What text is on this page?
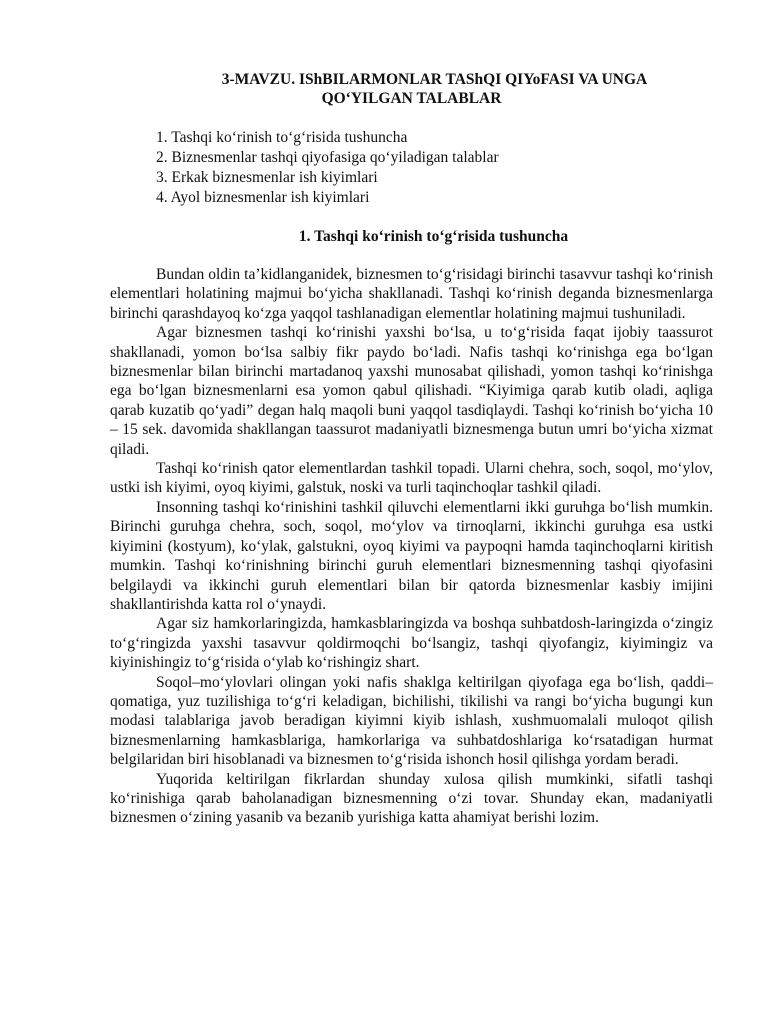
3-MAVZU. IShBILARMONLAR TAShQI QIYoFASI VA UNGA
QO‘YILGAN TALABLAR
1. Tashqi ko‘rinish to‘g‘risida tushuncha
2. Biznesmenlar tashqi qiyofasiga qo‘yiladigan talablar
3. Erkak biznesmenlar ish kiyimlari
4. Ayol biznesmenlar ish kiyimlari
1. Tashqi ko‘rinish to‘g‘risida tushuncha

Bundan oldin ta’kidlanganidek, biznesmen to‘g‘risidagi birinchi tasavvur tashqi ko‘rinish elementlari holatining majmui bo‘yicha shakllanadi. Tashqi ko‘rinish deganda biznesmenlarga birinchi qarashdayoq ko‘zga yaqqol tashlanadigan elementlar holatining majmui tushuniladi.

Agar biznesmen tashqi ko‘rinishi yaxshi bo‘lsa, u to‘g‘risida faqat ijobiy taassurot shakllanadi, yomon bo‘lsa salbiy fikr paydo bo‘ladi. Nafis tashqi ko‘rinishga ega bo‘lgan biznesmenlar bilan birinchi martadanoq yaxshi munosabat qilishadi, yomon tashqi ko‘rinishga ega bo‘lgan biznesmenlarni esa yomon qabul qilishadi. “Kiyimiga qarab kutib oladi, aqliga qarab kuzatib qo‘yadi” degan halq maqoli buni yaqqol tasdiqlaydi. Tashqi ko‘rinish bo‘yicha 10 – 15 sek. davomida shakllangan taassurot madaniyatli biznesmenga butun umri bo‘yicha xizmat qiladi.

Tashqi ko‘rinish qator elementlardan tashkil topadi. Ularni chehra, soch, soqol, mo‘ylov, ustki ish kiyimi, oyoq kiyimi, galstuk, noski va turli taqinchoqlar tashkil qiladi.

Insonning tashqi ko‘rinishini tashkil qiluvchi elementlarni ikki guruhga bo‘lish mumkin. Birinchi guruhga chehra, soch, soqol, mo‘ylov va tirnoqlarni, ikkinchi guruhga esa ustki kiyimini (kostyum), ko‘ylak, galstukni, oyoq kiyimi va paypoqni hamda taqinchoqlarni kiritish mumkin. Tashqi ko‘rinishning birinchi guruh elementlari biznesmenning tashqi qiyofasini belgilaydi va ikkinchi guruh elementlari bilan bir qatorda biznesmenlar kasbiy imijini shakllantirishda katta rol o‘ynaydi.

Agar siz hamkorlaringizda, hamkasblaringizda va boshqa suhbatdosh-laringizda o‘zingiz to‘g‘ringizda yaxshi tasavvur qoldirmoqchi bo‘lsangiz, tashqi qiyofangiz, kiyimingiz va kiyinishingiz to‘g‘risida o‘ylab ko‘rishingiz shart.

Soqol–mo‘ylovlari olingan yoki nafis shaklga keltirilgan qiyofaga ega bo‘lish, qaddi–qomatiga, yuz tuzilishiga to‘g‘ri keladigan, bichilishi, tikilishi va rangi bo‘yicha bugungi kun modasi talablariga javob beradigan kiyimni kiyib ishlash, xushmuomalali muloqot qilish biznesmenlarning hamkasblariga, hamkorlariga va suhbatdoshlariga ko‘rsatadigan hurmat belgilaridan biri hisoblanadi va biznesmen to‘g‘risida ishonch hosil qilishga yordam beradi.

Yuqorida keltirilgan fikrlardan shunday xulosa qilish mumkinki, sifatli tashqi ko‘rinishiga qarab baholanadigan biznesmenning o‘zi tovar. Shunday ekan, madaniyatli biznesmen o‘zining yasanib va bezanib yurishiga katta ahamiyat berishi lozim.
